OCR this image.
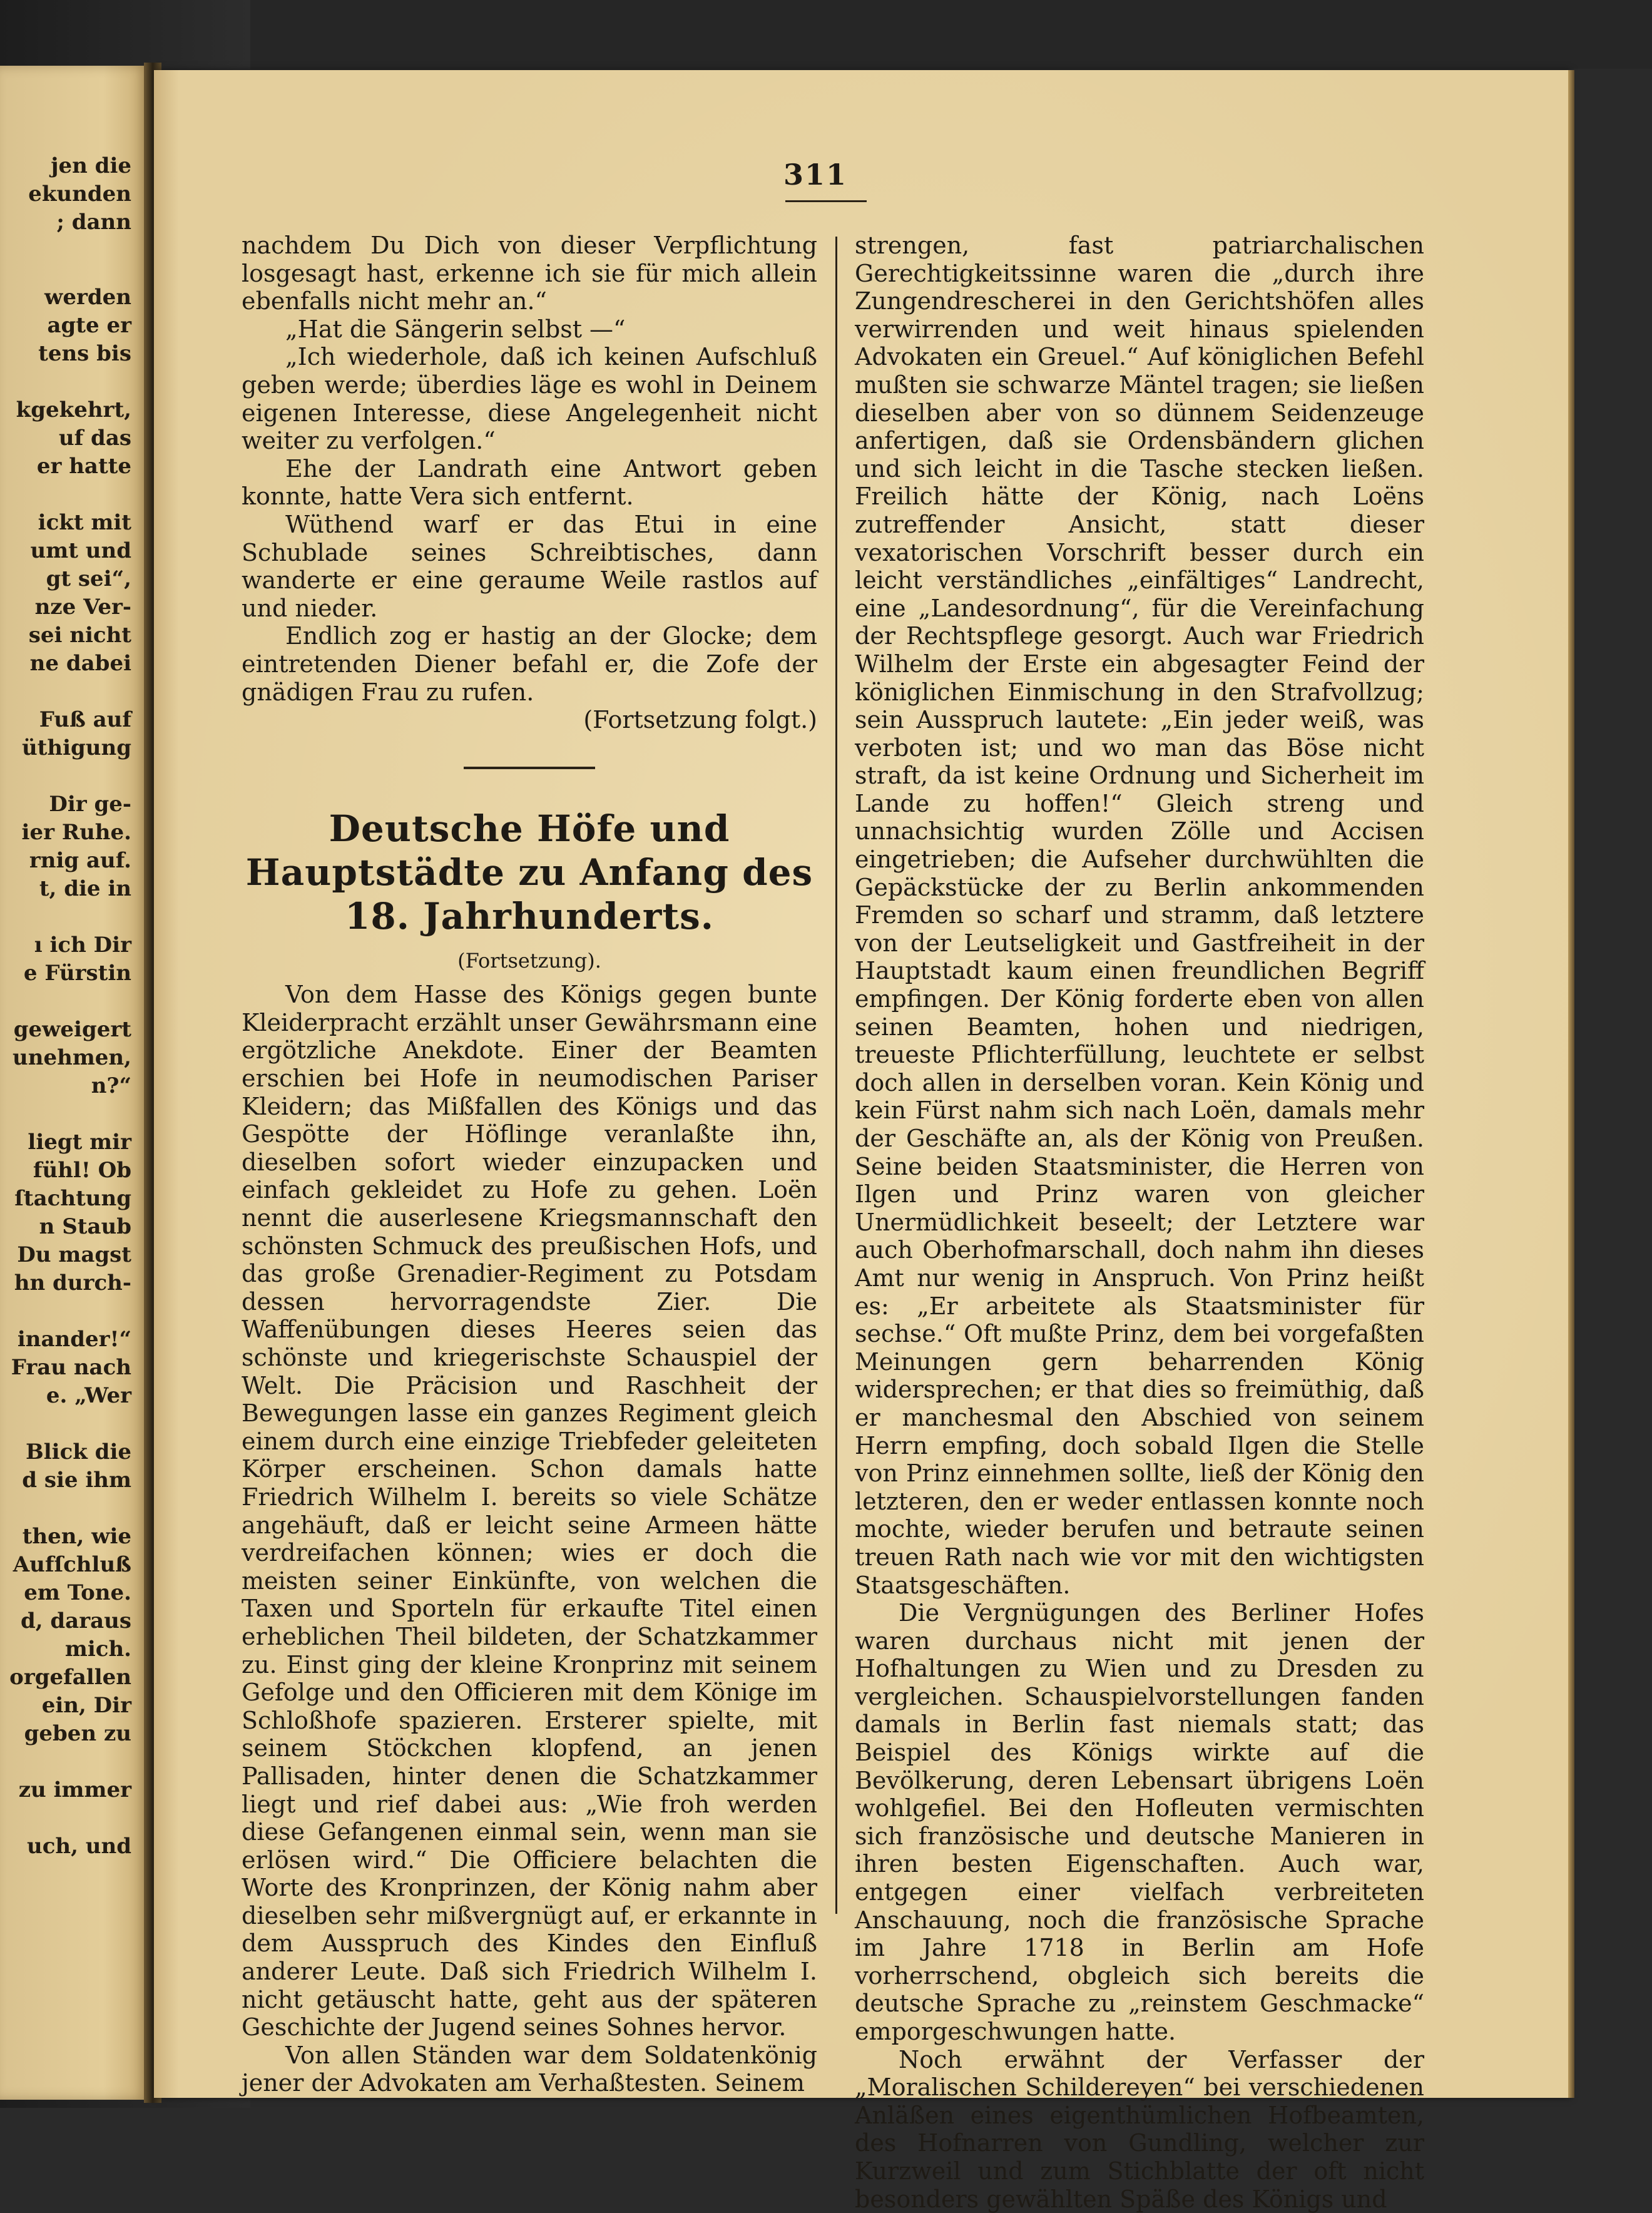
jen die
ekunden
; dann
werden
agte er
tens bis
kgekehrt,
uf das
er hatte
ickt mit
umt und
gt sei“,
nze Ver-
sei nicht
ne dabei
Fuß auf
üthigung
Dir ge-
ier Ruhe.
rnig auf.
t, die in
ı ich Dir
e Fürstin
geweigert
unehmen,
n?“
liegt mir
fühl! Ob
ſtachtung
n Staub
Du magst
hn durch-
inander!“
Frau nach
e. „Wer
Blick die
d sie ihm
then, wie
Aufſchluß
em Tone.
d, daraus
mich.
orgefallen
ein, Dir
geben zu
zu immer
uch, und
311

nachdem Du Dich von dieser Verpflichtung losgesagt hast, erkenne ich sie für mich allein ebenfalls nicht mehr an.“

„Hat die Sängerin selbst —“

„Ich wiederhole, daß ich keinen Aufschluß geben werde; überdies läge es wohl in Deinem eigenen Interesse, diese Angelegenheit nicht weiter zu verfolgen.“

Ehe der Landrath eine Antwort geben konnte, hatte Vera sich entfernt.

Wüthend warf er das Etui in eine Schublade seines Schreibtisches, dann wanderte er eine geraume Weile rastlos auf und nieder.

Endlich zog er hastig an der Glocke; dem eintretenden Diener befahl er, die Zofe der gnädigen Frau zu rufen.

(Fortsetzung folgt.)
Deutsche Höfe und Hauptstädte zu Anfang des 18. Jahrhunderts.
(Fortsetzung).

Von dem Hasse des Königs gegen bunte Kleiderpracht erzählt unser Gewährsmann eine ergötzliche Anekdote. Einer der Beamten erschien bei Hofe in neumodischen Pariser Kleidern; das Mißfallen des Königs und das Gespötte der Höflinge veranlaßte ihn, dieselben sofort wieder einzupacken und einfach gekleidet zu Hofe zu gehen. Loën nennt die auserlesene Kriegsmannschaft den schönsten Schmuck des preußischen Hofs, und das große Grenadier-Regiment zu Potsdam dessen hervorragendste Zier. Die Waffenübungen dieses Heeres seien das schönste und kriegerischste Schauspiel der Welt. Die Präcision und Raschheit der Bewegungen lasse ein ganzes Regiment gleich einem durch eine einzige Triebfeder geleiteten Körper erscheinen. Schon damals hatte Friedrich Wilhelm I. bereits so viele Schätze angehäuft, daß er leicht seine Armeen hätte verdreifachen können; wies er doch die meisten seiner Einkünfte, von welchen die Taxen und Sporteln für erkaufte Titel einen erheblichen Theil bildeten, der Schatzkammer zu. Einst ging der kleine Kronprinz mit seinem Gefolge und den Officieren mit dem Könige im Schloßhofe spazieren. Ersterer spielte, mit seinem Stöckchen klopfend, an jenen Pallisaden, hinter denen die Schatzkammer liegt und rief dabei aus: „Wie froh werden diese Gefangenen einmal sein, wenn man sie erlösen wird.“ Die Officiere belachten die Worte des Kronprinzen, der König nahm aber dieselben sehr mißvergnügt auf, er erkannte in dem Ausspruch des Kindes den Einfluß anderer Leute. Daß sich Friedrich Wilhelm I. nicht getäuscht hatte, geht aus der späteren Geschichte der Jugend seines Sohnes hervor.

Von allen Ständen war dem Soldatenkönig jener der Advokaten am Verhaßtesten. Seinem

strengen, fast patriarchalischen Gerechtigkeitssinne waren die „durch ihre Zungendrescherei in den Gerichtshöfen alles verwirrenden und weit hinaus spielenden Advokaten ein Greuel.“ Auf königlichen Befehl mußten sie schwarze Mäntel tragen; sie ließen dieselben aber von so dünnem Seidenzeuge anfertigen, daß sie Ordensbändern glichen und sich leicht in die Tasche stecken ließen. Freilich hätte der König, nach Loëns zutreffender Ansicht, statt dieser vexatorischen Vorschrift besser durch ein leicht verständliches „einfältiges“ Landrecht, eine „Landesordnung“, für die Vereinfachung der Rechtspflege gesorgt. Auch war Friedrich Wilhelm der Erste ein abgesagter Feind der königlichen Einmischung in den Strafvollzug; sein Ausspruch lautete: „Ein jeder weiß, was verboten ist; und wo man das Böse nicht straft, da ist keine Ordnung und Sicherheit im Lande zu hoffen!“ Gleich streng und unnachsichtig wurden Zölle und Accisen eingetrieben; die Aufseher durchwühlten die Gepäckstücke der zu Berlin ankommenden Fremden so scharf und stramm, daß letztere von der Leutseligkeit und Gastfreiheit in der Hauptstadt kaum einen freundlichen Begriff empfingen. Der König forderte eben von allen seinen Beamten, hohen und niedrigen, treueste Pflichterfüllung, leuchtete er selbst doch allen in derselben voran. Kein König und kein Fürst nahm sich nach Loën, damals mehr der Geschäfte an, als der König von Preußen. Seine beiden Staatsminister, die Herren von Ilgen und Prinz waren von gleicher Unermüdlichkeit beseelt; der Letztere war auch Oberhofmarschall, doch nahm ihn dieses Amt nur wenig in Anspruch. Von Prinz heißt es: „Er arbeitete als Staatsminister für sechse.“ Oft mußte Prinz, dem bei vorgefaßten Meinungen gern beharrenden König widersprechen; er that dies so freimüthig, daß er manchesmal den Abschied von seinem Herrn empfing, doch sobald Ilgen die Stelle von Prinz einnehmen sollte, ließ der König den letzteren, den er weder entlassen konnte noch mochte, wieder berufen und betraute seinen treuen Rath nach wie vor mit den wichtigsten Staatsgeschäften.

Die Vergnügungen des Berliner Hofes waren durchaus nicht mit jenen der Hofhaltungen zu Wien und zu Dresden zu vergleichen. Schauspielvorstellungen fanden damals in Berlin fast niemals statt; das Beispiel des Königs wirkte auf die Bevölkerung, deren Lebensart übrigens Loën wohlgefiel. Bei den Hofleuten vermischten sich französische und deutsche Manieren in ihren besten Eigenschaften. Auch war, entgegen einer vielfach verbreiteten Anschauung, noch die französische Sprache im Jahre 1718 in Berlin am Hofe vorherrschend, obgleich sich bereits die deutsche Sprache zu „reinstem Geschmacke“ emporgeschwungen hatte.

Noch erwähnt der Verfasser der „Moralischen Schildereyen“ bei verschiedenen Anläßen eines eigenthümlichen Hofbeamten, des Hofnarren von Gundling, welcher zur Kurzweil und zum Stichblatte der oft nicht besonders gewählten Späße des Königs und
